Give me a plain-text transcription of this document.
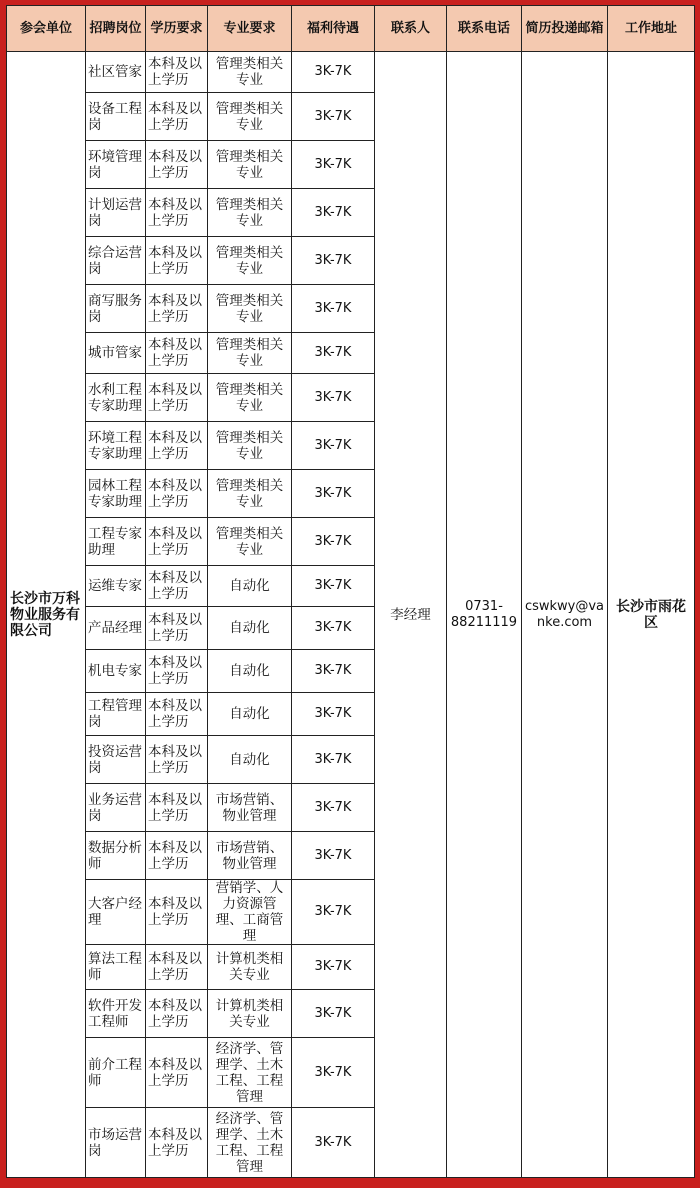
参会单位	招聘岗位	学历要求	专业要求	福利待遇	联系人	联系电话	简历投递邮箱	工作地址
长沙市万科物业服务有限公司	社区管家	本科及以上学历	管理类相关专业	3K-7K	李经理	0731-88211119	cswkwy@vanke.com	长沙市雨花区
	设备工程岗	本科及以上学历	管理类相关专业	3K-7K				
	环境管理岗	本科及以上学历	管理类相关专业	3K-7K				
	计划运营岗	本科及以上学历	管理类相关专业	3K-7K				
	综合运营岗	本科及以上学历	管理类相关专业	3K-7K				
	商写服务岗	本科及以上学历	管理类相关专业	3K-7K				
	城市管家	本科及以上学历	管理类相关专业	3K-7K				
	水利工程专家助理	本科及以上学历	管理类相关专业	3K-7K				
	环境工程专家助理	本科及以上学历	管理类相关专业	3K-7K				
	园林工程专家助理	本科及以上学历	管理类相关专业	3K-7K				
	工程专家助理	本科及以上学历	管理类相关专业	3K-7K				
	运维专家	本科及以上学历	自动化	3K-7K				
	产品经理	本科及以上学历	自动化	3K-7K				
	机电专家	本科及以上学历	自动化	3K-7K				
	工程管理岗	本科及以上学历	自动化	3K-7K				
	投资运营岗	本科及以上学历	自动化	3K-7K				
	业务运营岗	本科及以上学历	市场营销、物业管理	3K-7K				
	数据分析师	本科及以上学历	市场营销、物业管理	3K-7K				
	大客户经理	本科及以上学历	营销学、人力资源管理、工商管理	3K-7K				
	算法工程师	本科及以上学历	计算机类相关专业	3K-7K				
	软件开发工程师	本科及以上学历	计算机类相关专业	3K-7K				
	前介工程师	本科及以上学历	经济学、管理学、土木工程、工程管理	3K-7K				
	市场运营岗	本科及以上学历	经济学、管理学、土木工程、工程管理	3K-7K				
